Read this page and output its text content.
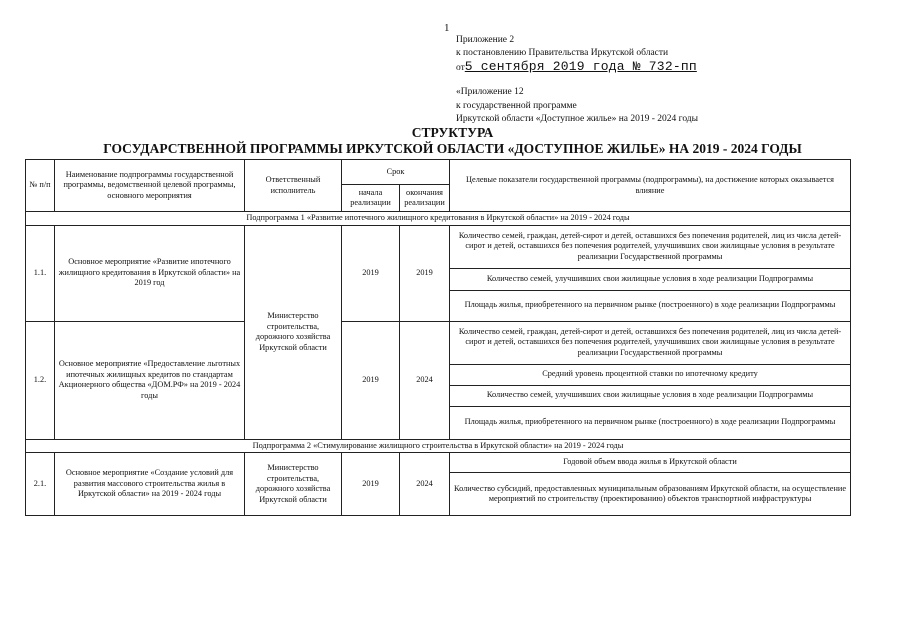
1
Приложение 2
к постановлению Правительства Иркутской области
от5 сентября 2019 года № 732-пп
«Приложение 12
к государственной программе
Иркутской области «Доступное жилье» на 2019 - 2024 годы
СТРУКТУРА
ГОСУДАРСТВЕННОЙ ПРОГРАММЫ ИРКУТСКОЙ ОБЛАСТИ «ДОСТУПНОЕ ЖИЛЬЕ» НА 2019 - 2024 ГОДЫ
№ п/п	Наименование подпрограммы государственной программы, ведомственной целевой программы, основного мероприятия	Ответственный исполнитель	Срок		Целевые показатели государственной программы (подпрограммы), на достижение которых оказывается влияние
			начала реализации	окончания реализации	
Подпрограмма 1 «Развитие ипотечного жилищного кредитования в Иркутской области» на 2019 - 2024 годы					
1.1.	Основное мероприятие «Развитие ипотечного жилищного кредитования в Иркутской области» на 2019 год	Министерство строительства, дорожного хозяйства Иркутской области	2019	2019	Количество семей, граждан, детей-сирот и детей, оставшихся без попечения родителей, лиц из числа детей-сирот и детей, оставшихся без попечения родителей, улучшивших свои жилищные условия в результате реализации Государственной программы
					Количество семей, улучшивших свои жилищные условия в ходе реализации Подпрограммы
					Площадь жилья, приобретенного на первичном рынке (построенного) в ходе реализации Подпрограммы
1.2.	Основное мероприятие «Предоставление льготных ипотечных жилищных кредитов по стандартам Акционерного общества «ДОМ.РФ» на 2019 - 2024 годы		2019	2024	Количество семей, граждан, детей-сирот и детей, оставшихся без попечения родителей, лиц из числа детей-сирот и детей, оставшихся без попечения родителей, улучшивших свои жилищные условия в результате реализации Государственной программы
					Средний уровень процентной ставки по ипотечному кредиту
					Количество семей, улучшивших свои жилищные условия в ходе реализации Подпрограммы
					Площадь жилья, приобретенного на первичном рынке (построенного) в ходе реализации Подпрограммы
Подпрограмма 2 «Стимулирование жилищного строительства в Иркутской области» на 2019 - 2024 годы					
2.1.	Основное мероприятие «Создание условий для развития массового строительства жилья в Иркутской области» на 2019 - 2024 годы	Министерство строительства, дорожного хозяйства Иркутской области	2019	2024	Годовой объем ввода жилья в Иркутской области
					Количество субсидий, предоставленных муниципальным образованиям Иркутской области, на осуществление мероприятий по строительству (проектированию) объектов транспортной инфраструктуры
